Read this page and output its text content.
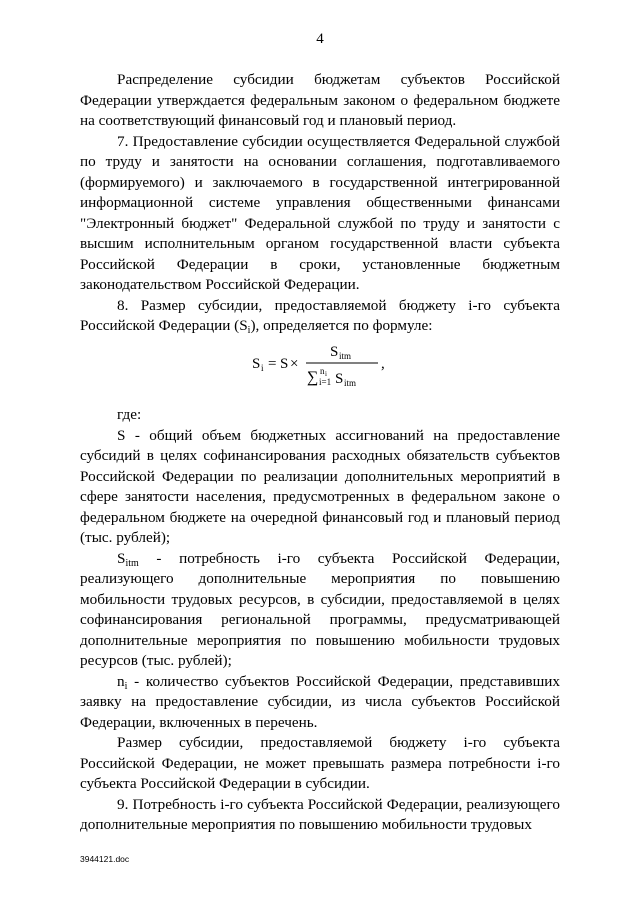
4

Распределение субсидии бюджетам субъектов Российской Федерации утверждается федеральным законом о федеральном бюджете на соответствующий финансовый год и плановый период.

7. Предоставление субсидии осуществляется Федеральной службой по труду и занятости на основании соглашения, подготавливаемого (формируемого) и заключаемого в государственной интегрированной информационной системе управления общественными финансами "Электронный бюджет" Федеральной службой по труду и занятости с высшим исполнительным органом государственной власти субъекта Российской Федерации в сроки, установленные бюджетным законодательством Российской Федерации.

8. Размер субсидии, предоставляемой бюджету i-го субъекта Российской Федерации $(S_i)$, определяется по формуле:

S i = S ×
S itm
∑ n i
i=1 S itm
,

где:

S - общий объем бюджетных ассигнований на предоставление субсидий в целях софинансирования расходных обязательств субъектов Российской Федерации по реализации дополнительных мероприятий в сфере занятости населения, предусмотренных в федеральном законе о федеральном бюджете на очередной финансовый год и плановый период (тыс. рублей);

$S_{itm}$ - потребность i-го субъекта Российской Федерации, реализующего дополнительные мероприятия по повышению мобильности трудовых ресурсов, в субсидии, предоставляемой в целях софинансирования региональной программы, предусматривающей дополнительные мероприятия по повышению мобильности трудовых ресурсов (тыс. рублей);

$n_i$ - количество субъектов Российской Федерации, представивших заявку на предоставление субсидии, из числа субъектов Российской Федерации, включенных в перечень.

Размер субсидии, предоставляемой бюджету i-го субъекта Российской Федерации, не может превышать размера потребности i-го субъекта Российской Федерации в субсидии.

9. Потребность i-го субъекта Российской Федерации, реализующего дополнительные мероприятия по повышению мобильности трудовых

3944121.doc
